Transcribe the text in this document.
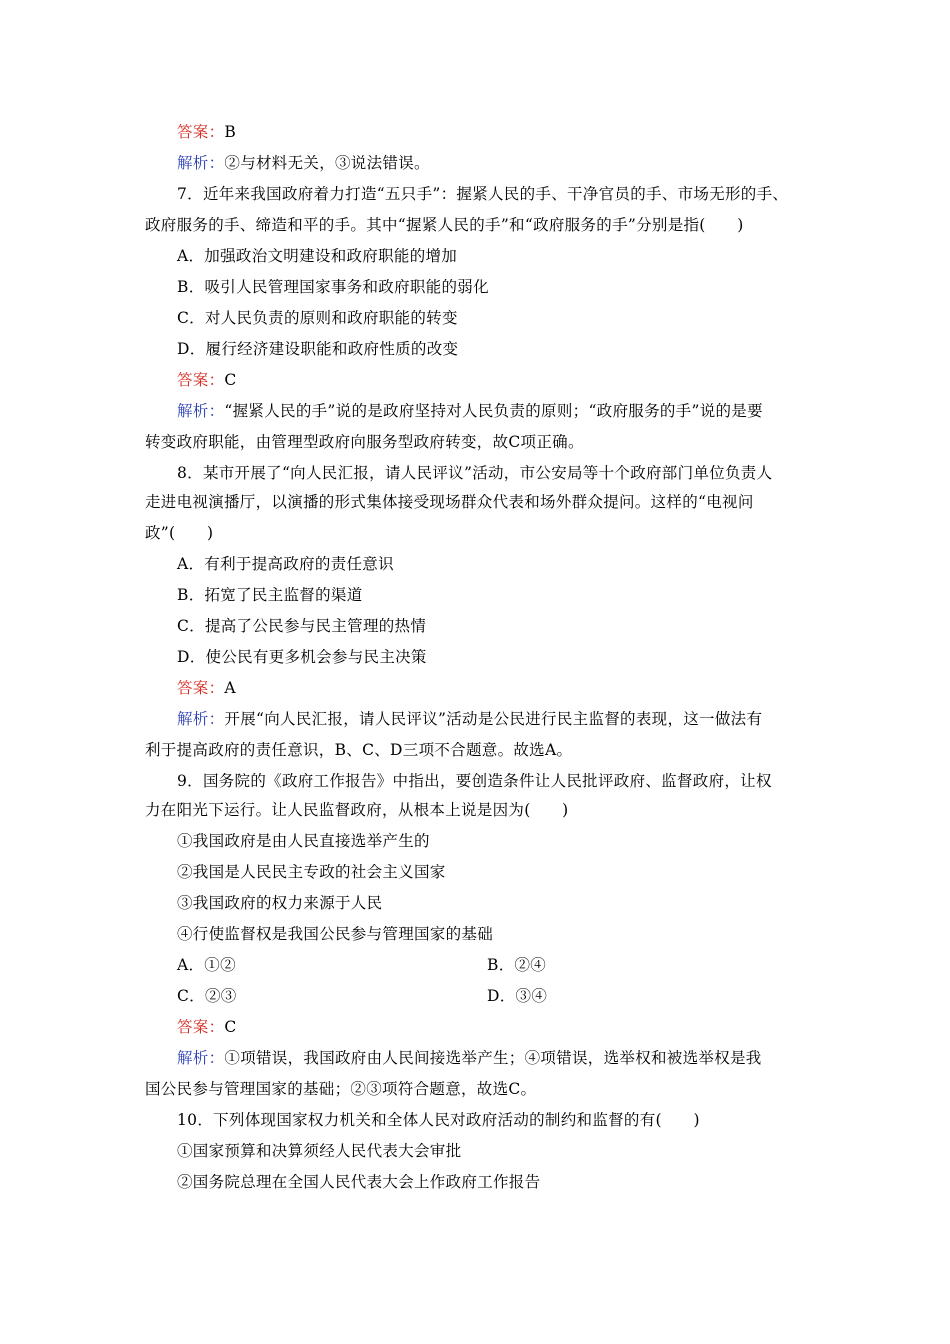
答案：B
解析：②与材料无关，③说法错误。
7．近年来我国政府着力打造“五只手”：握紧人民的手、干净官员的手、市场无形的手、
政府服务的手、缔造和平的手。其中“握紧人民的手”和“政府服务的手”分别是指(　　)
A．加强政治文明建设和政府职能的增加
B．吸引人民管理国家事务和政府职能的弱化
C．对人民负责的原则和政府职能的转变
D．履行经济建设职能和政府性质的改变
答案：C
解析：“握紧人民的手”说的是政府坚持对人民负责的原则；“政府服务的手”说的是要
转变政府职能，由管理型政府向服务型政府转变，故C项正确。
8．某市开展了“向人民汇报，请人民评议”活动，市公安局等十个政府部门单位负责人
走进电视演播厅，以演播的形式集体接受现场群众代表和场外群众提问。这样的“电视问
政”(　　)
A．有利于提高政府的责任意识
B．拓宽了民主监督的渠道
C．提高了公民参与民主管理的热情
D．使公民有更多机会参与民主决策
答案：A
解析：开展“向人民汇报，请人民评议”活动是公民进行民主监督的表现，这一做法有
利于提高政府的责任意识，B、C、D三项不合题意。故选A。
9．国务院的《政府工作报告》中指出，要创造条件让人民批评政府、监督政府，让权
力在阳光下运行。让人民监督政府，从根本上说是因为(　　)
①我国政府是由人民直接选举产生的
②我国是人民民主专政的社会主义国家
③我国政府的权力来源于人民
④行使监督权是我国公民参与管理国家的基础
A．①②	B．②④
C．②③	D．③④
答案：C
解析：①项错误，我国政府由人民间接选举产生；④项错误，选举权和被选举权是我
国公民参与管理国家的基础；②③项符合题意，故选C。
10．下列体现国家权力机关和全体人民对政府活动的制约和监督的有(　　)
①国家预算和决算须经人民代表大会审批
②国务院总理在全国人民代表大会上作政府工作报告
